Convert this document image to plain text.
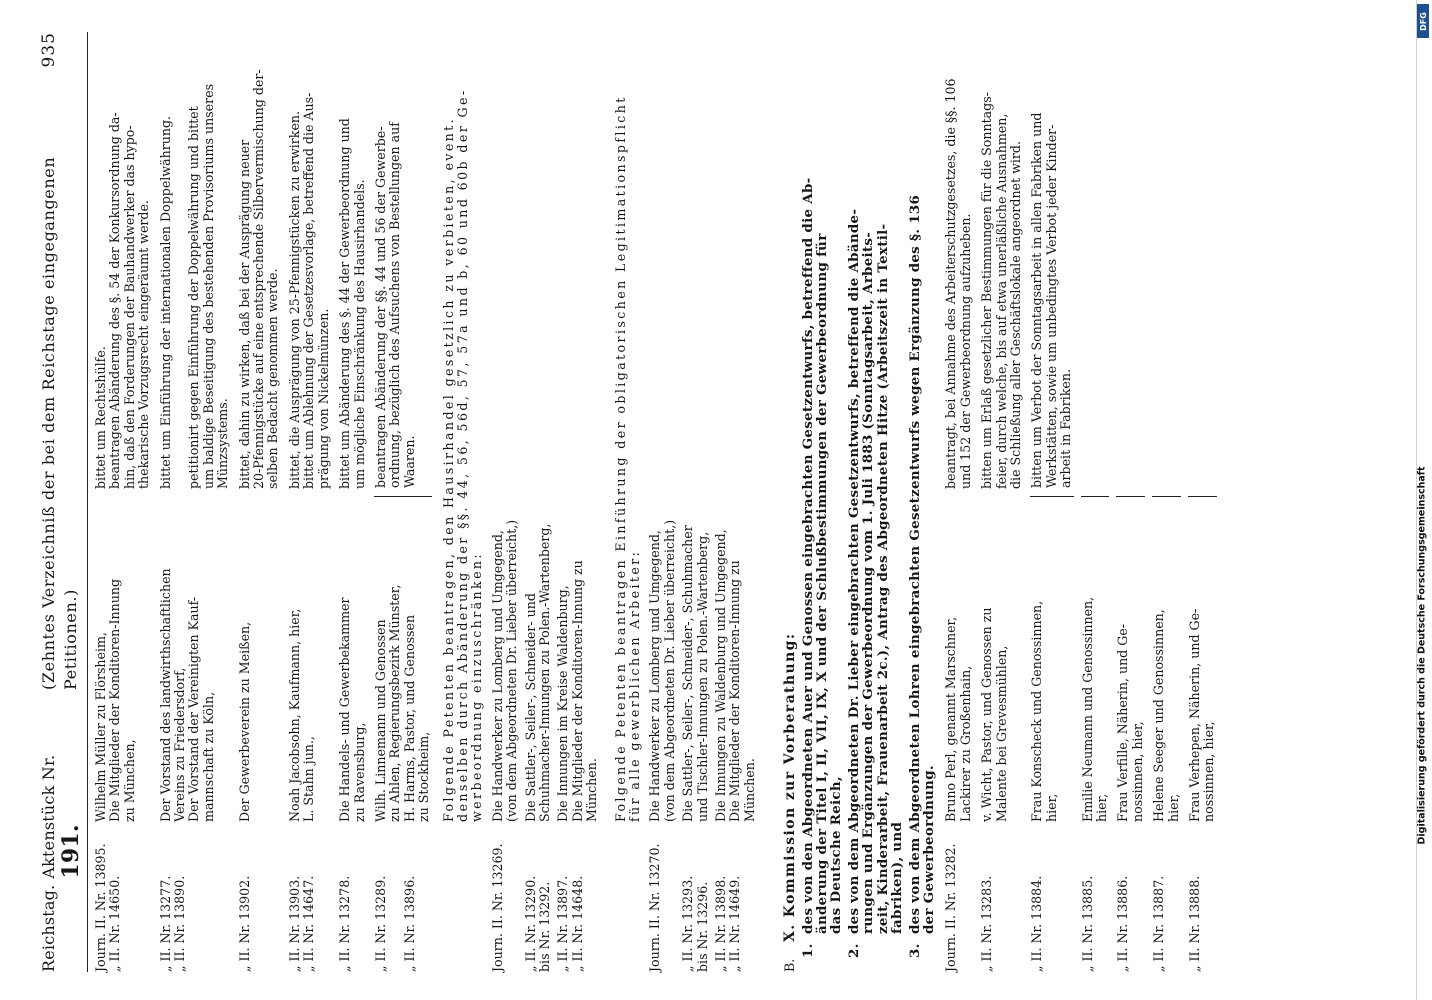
Reichstag.
Aktenstück Nr. 191.
(Zehntes Verzeichniß der bei dem Reichstage eingegangenen Petitionen.)
935
Journ. II. Nr. 13895. „ II. Nr. 14650.
Wilhelm Müller zu Flörsheim, Die Mitglieder der Konditoren-Innung zu München,
bittet um Rechtshülfe. beantragen Abänderung des §. 54 der Konkursordnung da- hin, daß den Forderungen der Bauhandwerker das hypo- thekarische Vorzugsrecht eingeräumt werde.
„ II. Nr. 13277. „ II. Nr. 13890.
Der Vorstand des landwirthschaftlichen Vereins zu Friedersdorf, Der Vorstand der Vereinigten Kauf- mannschaft zu Köln,
bittet um Einführung der internationalen Doppelwährung.
petitionirt gegen Einführung der Doppelwährung und bittet um baldige Beseitigung des bestehenden Provisoriums unseres Münzsystems.
„ II. Nr. 13902.
Der Gewerbeverein zu Meißen,
bittet, dahin zu wirken, daß bei der Ausprägung neuer 20-Pfennigstücke auf eine entsprechende Silbervermischung der- selben Bedacht genommen werde.
„ II. Nr. 13903. „ II. Nr. 14647.
Noah Jacobsohn, Kaufmann, hier, L. Stahn jun.,
bittet, die Ausprägung von 25-Pfennigstücken zu erwirken. bittet um Ablehnung der Gesetzesvorlage, betreffend die Aus- prägung von Nickelmünzen.
„ II. Nr. 13278.
Die Handels- und Gewerbekammer zu Ravensburg,
bittet um Abänderung des §. 44 der Gewerbeordnung und um mögliche Einschränkung des Hausirhandels.
„ II. Nr. 13289.
„ II. Nr. 13896.
Wilh. Linnemann und Genossen zu Ahlen, Regierungsbezirk Münster, H. Harms, Pastor, und Genossen zu Stockheim,
beantragen Abänderung der §§. 44 und 56 der Gewerbe- ordnung, bezüglich des Aufsuchens von Bestellungen auf Waaren. Folgende Petenten beantragen, den Hausirhandel gesetzlich zu verbieten, event. denselben durch Abänderung der §§. 44, 56, 56d, 57, 57a und b, 60 und 60b der Ge- werbeordnung einzuschränken:
Journ. II. Nr. 13269.
Die Handwerker zu Lomberg und Umgegend, (von dem Abgeordneten Dr. Lieber überreicht,)
„ II. Nr. 13290. bis Nr. 13292.
Die Sattler-, Seiler-, Schneider- und Schuhmacher-Innungen zu Polen.-Wartenberg,
„ II. Nr. 13897. „ II. Nr. 14648.
Die Innungen im Kreise Waldenburg, Die Mitglieder der Konditoren-Innung zu München. Folgende Petenten beantragen Einführung der obligatorischen Legitimationspflicht für alle gewerblichen Arbeiter:
Journ. II. Nr. 13270.
Die Handwerker zu Lomberg und Umgegend, (von dem Abgeordneten Dr. Lieber überreicht,)
„ II. Nr. 13293. bis Nr. 13296.
Die Sattler-, Seiler-, Schneider-, Schuhmacher und Tischler-Innungen zu Polen.-Wartenberg,
„ II. Nr. 13898. „ II. Nr. 14649.
Die Innungen zu Waldenburg und Umgegend, Die Mitglieder der Konditoren-Innung zu München.
B.
X. Kommission zur Vorberathung:
1.
des von den Abgeordneten Auer und Genossen eingebrachten Gesetzentwurfs, betreffend die Ab-
änderung der Titel I, II, VII, IX, X und der Schlußbestimmungen der Gewerbeordnung für
das Deutsche Reich,
2.
des von dem Abgeordneten Dr. Lieber eingebrachten Gesetzentwurfs, betreffend die Abände-
rungen und Ergänzungen der Gewerbeordnung vom 1. Juli 1883 (Sonntagsarbeit, Arbeits-
zeit, Kinderarbeit, Frauenarbeit 2c.), Antrag des Abgeordneten Hitze (Arbeitszeit in Textil-
fabriken), und
3.
des von dem Abgeordneten Lohren eingebrachten Gesetzentwurfs wegen Ergänzung des §. 136
der Gewerbeordnung. Journ. II. Nr. 13282.
Bruno Perl, genannt Marschner, Lackirer zu Großenhain,
beantragt, bei Annahme des Arbeiterschutzgesetzes, die §§. 106 und 152 der Gewerbeordnung aufzuheben.
„ II. Nr. 13283.
v. Wicht, Pastor, und Genossen zu Malente bei Grevesmühlen,
bitten um Erlaß gesetzlicher Bestimmungen für die Sonntags- feier, durch welche, bis auf etwa unerläßliche Ausnahmen, die Schließung aller Geschäftslokale angeordnet wird.
„ II. Nr. 13884.
Frau Konscheck und Genossinnen, hier,
bitten um Verbot der Sonntagsarbeit in allen Fabriken und Werkstätten, sowie um unbedingtes Verbot jeder Kinder- arbeit in Fabriken.
„ II. Nr. 13885.
Emilie Neumann und Genossinnen, hier,
„ II. Nr. 13886.
Frau Verfille, Näherin, und Ge- nossinnen, hier,
„ II. Nr. 13887.
Helene Seeger und Genossinnen, hier,
„ II. Nr. 13888.
Frau Verhepen, Näherin, und Ge- nossinnen, hier,
DFG
Digitalisierung gefördert durch die Deutsche Forschungsgemeinschaft
